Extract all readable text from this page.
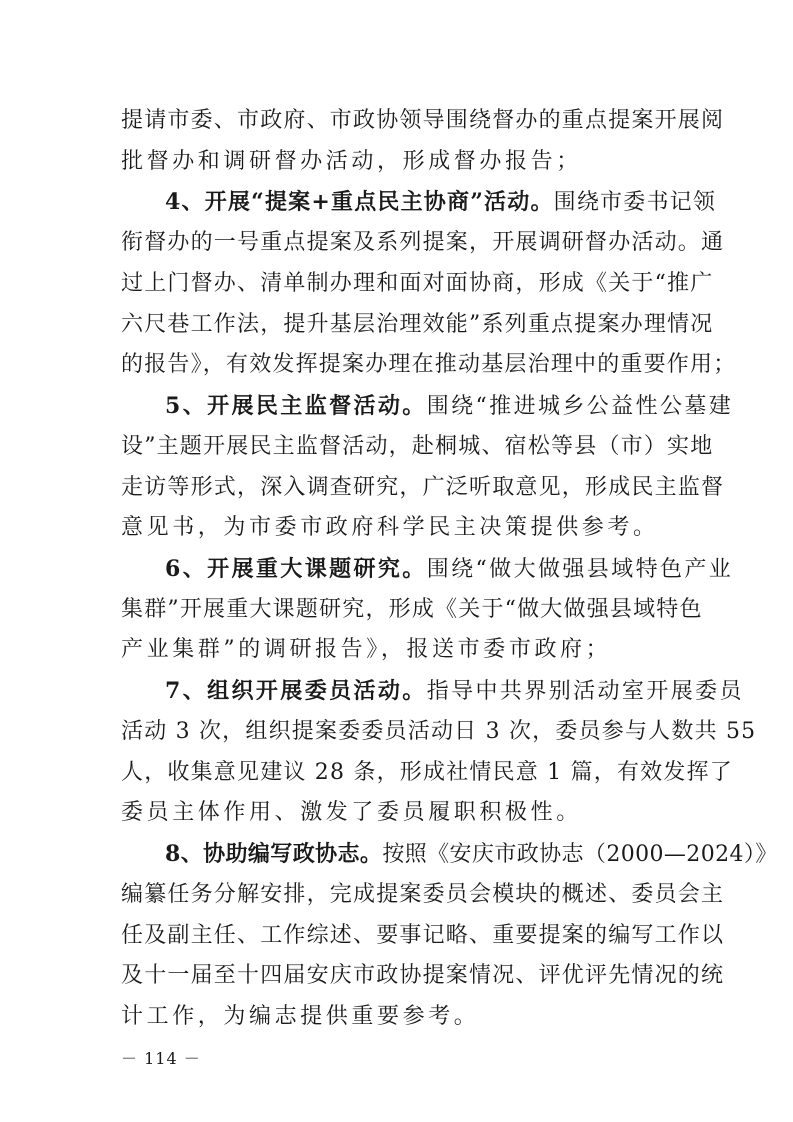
提请市委、市政府、市政协领导围绕督办的重点提案开展阅
批督办和调研督办活动，形成督办报告；
4、开展“提案+重点民主协商”活动。围绕市委书记领
衔督办的一号重点提案及系列提案，开展调研督办活动。通
过上门督办、清单制办理和面对面协商，形成《关于“推广
六尺巷工作法，提升基层治理效能”系列重点提案办理情况
的报告》，有效发挥提案办理在推动基层治理中的重要作用；
5、开展民主监督活动。围绕“推进城乡公益性公墓建
设”主题开展民主监督活动，赴桐城、宿松等县（市）实地
走访等形式，深入调查研究，广泛听取意见，形成民主监督
意见书，为市委市政府科学民主决策提供参考。
6、开展重大课题研究。围绕“做大做强县域特色产业
集群”开展重大课题研究，形成《关于“做大做强县域特色
产业集群”的调研报告》，报送市委市政府；
7、组织开展委员活动。指导中共界别活动室开展委员
活动 3 次，组织提案委委员活动日 3 次，委员参与人数共 55
人，收集意见建议 28 条，形成社情民意 1 篇，有效发挥了
委员主体作用、激发了委员履职积极性。
8、协助编写政协志。按照《安庆市政协志（2000—2024）》
编纂任务分解安排，完成提案委员会模块的概述、委员会主
任及副主任、工作综述、要事记略、重要提案的编写工作以
及十一届至十四届安庆市政协提案情况、评优评先情况的统
计工作，为编志提供重要参考。
－ 114 －
